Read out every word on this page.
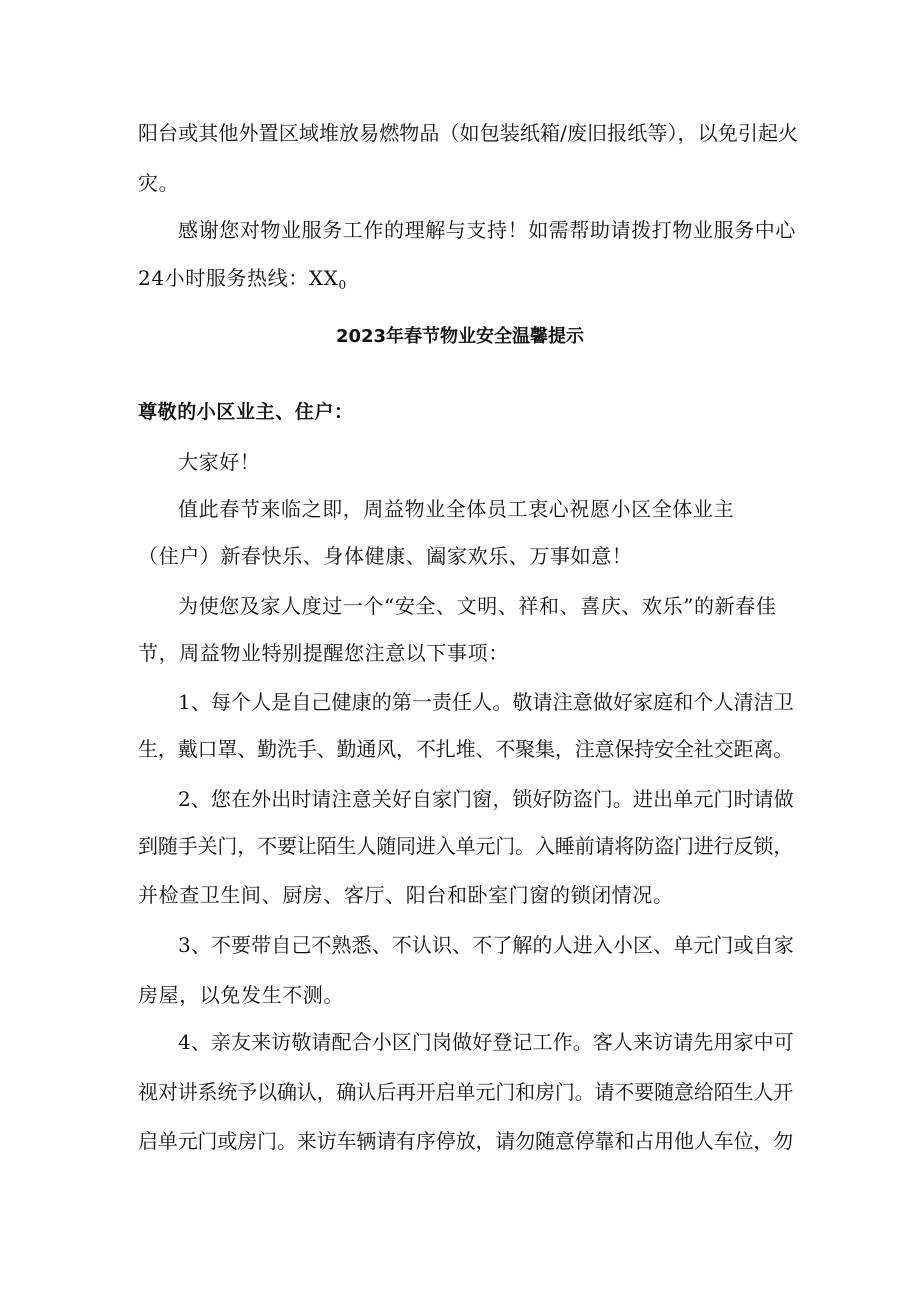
阳台或其他外置区域堆放易燃物品（如包装纸箱/废旧报纸等），以免引起火
灾。
感谢您对物业服务工作的理解与支持！如需帮助请拨打物业服务中心
24小时服务热线：$XX_0$
2023年春节物业安全温馨提示
尊敬的小区业主、住户：
大家好！
值此春节来临之即，周益物业全体员工衷心祝愿小区全体业主
（住户）新春快乐、身体健康、阖家欢乐、万事如意！
为使您及家人度过一个“安全、文明、祥和、喜庆、欢乐”的新春佳
节，周益物业特别提醒您注意以下事项：
1、每个人是自己健康的第一责任人。敬请注意做好家庭和个人清洁卫
生，戴口罩、勤洗手、勤通风，不扎堆、不聚集，注意保持安全社交距离。
2、您在外出时请注意关好自家门窗，锁好防盗门。进出单元门时请做
到随手关门，不要让陌生人随同进入单元门。入睡前请将防盗门进行反锁，
并检查卫生间、厨房、客厅、阳台和卧室门窗的锁闭情况。
3、不要带自己不熟悉、不认识、不了解的人进入小区、单元门或自家
房屋，以免发生不测。
4、亲友来访敬请配合小区门岗做好登记工作。客人来访请先用家中可
视对讲系统予以确认，确认后再开启单元门和房门。请不要随意给陌生人开
启单元门或房门。来访车辆请有序停放，请勿随意停靠和占用他人车位，勿
